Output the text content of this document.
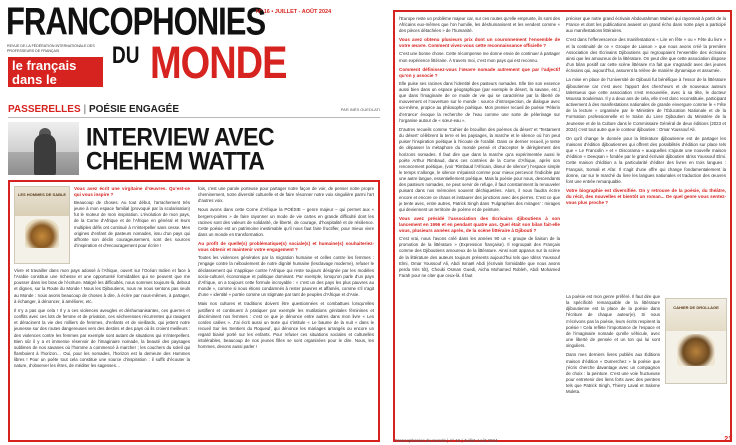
FRANCOPHONIES
N° 16 • JUILLET - AOÛT 2024
REVUE DE LA FÉDÉRATION INTERNATIONALE DES PROFESSEURS DE FRANÇAIS	DU MONDE
le français
dans le monde
PASSERELLES | POÉSIE ENGAGÉE	PAR INÈS GUEDLATI
INTERVIEW AVEC
CHEHEM WATTA
LES HOMMES DE SABLE

Vous avez écrit une virgitaine d’œuvres. Qu’est-ce qui vous inspire ?

Beaucoup de choses. Au tout début, l’arrachement très jeune à mon espace familial (provoqué par la scolarisation) fut le moteur de mon inspiration. L’évolution de mon pays, de la Corne d’Afrique et de l’Afrique en général et leurs multiples défis ont continué à m’interpeller sans cesse. Mes origines d’enfant de pasteurs nomades, issu d’un pays qui affronte son déclin courageusement, sont des sources d’inspiration et d’encouragement pour écrire !

Vivre et travailler dans mon pays adossé à l’Afrique, ouvert sur l’Océan Indien et face à l’Arabie constitue une richesse et une opportunité formidables qui ne peuvent que me pousser dans les bras de l’écriture. Malgré les difficultés, nous sommes toujours-là, debout et dignes, sur la Route du Monde ! Nous les Djiboutiens, nous ne nous sentons pas seuls au Monde : nous avons beaucoup de choses à dire, à écrire par nous-mêmes, à partager, à échanger, à dénoncer, à améliorer, etc.

Il n’y a pas que cela ! Il y a ces violences aveugles et déshumanisantes, ces guerres et conflits avec ces lots de femme et de privation, ces sécheresses récurrentes qui ravagent et déracinent la vie des milliers de femmes, d’enfants et de vieillards, qui jettent notre jeunesse sur des routes dangereuses vers des destins et des pays où ils croient meilleurs : des violences contre les femmes par exemple sont autant de situations qui m’interpellent. Bien sûr il y a et immense réservoir de l’imaginaire nomade, la beauté des paysages sublimes de nos savanes où l’homme a commencé à marcher ; les couchers du soleil qui flamboient à l’horizon… Oui, pour les nomades, l’horizon est la demeure des Hommes libres ! Pour un poète tout cela constitue une source d’inspiration : il suffit d’écouter la nature, d’observer les êtres, de méditer les sagesses…

fois, c’est une parole porteuse pour partager notre façon de voir, de penser notre propre cheminement, notre diversité culturelle et de faire résonner notre voix singulière parmi l’art d’autres voix.

Nous avons dans cette Corne d’Afrique la POÉSIE – genre majeur – qui permet aux « bergers-poètes » de faire rayonner un mode de vie cartes en grande difficulté dont les racines sont des valeurs de solidarité, de liberté, de courage, d’hospitalité et de résilience. Cette poésie est un patrimoine inestimable qu’il nous faut faire fructifier, pour mieux vivre dans un monde en transformation.

Au profit de quelle(s) problématique(s) sociale(s) et humaine(s) souhaiteriez-vous obtenir et maintenir votre engagement ?

Toutes les violences générales par la migration humaine et celles contre les femmes : j’engage contre la néboulement de notre dignité humaine (lesclavage moderne), refuser le déclassement qui s’applique contre l’Afrique qui reste toujours désignée par les modèles socio-culturel, économique et politique dominant. Par exemple, lorsqu’on parle d’un pays d’Afrique, on a toujours cette formule incroyable : « c’est un des pays les plus pauvres au monde », comme si nous étions condamnés à rester pauvres et affamés, comme s’il s’agit d’une « identité » portée comme un stigmate par tant de peuples d’Afrique et d’Asie.

Mais nos cultures et traditions doivent être questionnées et combattues lorsqu’elles justifient et continuent à pratiquer par exemple les mutilations génitales féminines et discriminent nos femmes : c’est ce que je dénonce entre autres dans mon livre « Les cordes calées ». J’ai écrit aussi un texte qui s’intitule « Le baume de la nuit » dans le recueil Sur les Sentiers du Roqueuf, qui dénonce les mariages arrangés ou encore un regard biaisé porté sur les enfants. Pour refuser ces situations sociales et culturelles intolérables, beaucoup de nos jeunes filles se sont organisées pour le dire. Nous, les hommes, devons aussi parler !

l’Europe reste un problème majeur car, sur ces routes qu’elle emprunte, ils sont des Africains eux-mêmes que l’on humilie, les déshumanisent et les vendent comme « des pièces détachées » de l’humanité.

Vous avez obtenu plusieurs prix dont un couronnement l’ensemble de votre œuvre. Comment vivez-vous cette reconnaissance officielle ?

C’est une bonne chose. Cette récompense me donne envie de continuer à partager mon expérience littéraire. À travers moi, c’est mon pays qui est reconnu.

Comment définissez-vous l’œuvre nomade autrement que par l’adjectif qu’on y associe ?

Elle puise ses racines dans l’identité des pasteurs nomades. Elle tire son essence aussi bien dans un espace géographique (par exemple le désert, la savane, etc.) que dans l’imaginaire de ce mode de vie qui se caractérise par la liberté de mouvement et l’ouverture sur le monde : source d’introspection, de dialogue avec soi-même, propice au philosophe poétique. Mon premier recueil de poésie ‘Pèlerin d’errance’ évoque la recherche de l’eau comme une sorte de pèlerinage sur l’organise autour de « sœur-eau ».

D’autres recueils comme ‘Cahier de brouillon des poèmes du désert’ et ‘Testament du désert’ célèbrent la terre et les paysages, la marche et le silence où l’on peut puiser l’inspiration poétique à l’écoute de l’oralité. Dans ce dernier recueil, je tente de dépasser la métaphore du monde pensé et d’accepter le dérèglement des horizons nomades. Il faut dire que dans la marche qu’a expérimentée aussi le poète Arthur Rimbaud, dans ces contrées de la Corne d’Afrique, après son renoncement poétique, (voir ‘Rimbaud l’Africain, diseur de silence’) l’espace simple le temps s’allonge, le silence s’épaissit comme pour mieux percevoir l’indicible par une autre langue, essentiellement poétique. Mais la poésie pour nous, descendants des pasteurs nomades, ne peut servir de refuge, il faut constamment la renouveler puisant dans nos mémoires souvent déchiquetées. Alors, il nous faudra écrire encore et encore ce chaos et instaurer des jonctions avec des pierres. C’est ce que je tente avec, entre autres, Patrick Singh dans ‘Fulgraphies des mirages’ : mirages qui deviennent un territoire de poème et de peinture.

Vous avez présidé l’association des Écrivains djiboutiens à son lancement en 1996 et en pendant quatre ans. Quel était son bilan fait-elle vous, plusieurs années après, de la scène littéraire à Djibouti ?

C’est vrai, nous l’avons créé dans les années 90 un « groupe de liaison de la promotion de la littérature » (Expression française). Il regroupait des Français comme des Djiboutiens amoureux de la littérature. Ainsi sont apparus sur la scène de la littérature des auteurs toujours présents aujourd’hui tels que Idriss Youssouf Elmi, Omar Youssouf Ali, Abdi Ismaël Abdi (écrivain formidable que nous avons perdu très tôt), Chouki Osman Guedi, Aicha Mohamed Robleh, Abdi Mohamed Farah pour ne citer que ceux-là. Il faut

préciser que notre grand écrivain Abdourahman Waberi qui rayonnait à partir de la France et dont les publications avaient un grand écho dans notre pays a participé aux manifestations littéraires.

C’est dans l’effervescence des manifestations « Lire en fête » ou « Fête du livre » et la continuité de ce « Groupe de Liaison » que nous avons créé la première Association des Écrivains Djiboutiens qui regroupaient l’ensemble des écrivains ainsi que les amoureux de la littérature. On peut dire que cette association dispose d’un bilan positif car cette scène littéraire n’a fait que s’agrandir avec des jeunes écrivains qui, aujourd’hui, assurent la relève de manière dynamique et assumée.

La mise en place de l’Université de Djibouti fut bénéfique à l’essor de la littérature djiboutienne car c’est avec l’apport des chercheurs et de nouveaux auteurs talentueux que cette association s’est renouvelée, avec à sa tête, le docteur Moussa Souleiman. Il y a deux ans de cela, elle s’est donc reconstituée, participant activement à des manifestations nationales de grande envergure comme le « Fête de la lecture » organisée par le Ministère de l’Éducation Nationale et de la Formation professionnelle et le Salon du Livre Djiboutien du Ministère de la Jeunesse et de la Culture dans le Commissaire Général de deux éditions (2023 et 2024) c’est tout autre que le conteur djiboutien : Omar Youssouf Ali.

On qu’il change le donnée pour la littérature djiboutienne est de partager les maisons d’édition djiboutiennes qui offrent des possibilités d’édition sur place tels que « Le Francolin » et « Discorama » auxquelles s’ajoute une nouvelle maison d’édition « Deeqsan » fondée par le grand écrivain djiboutien Idriss Youssouf Elmi. Cette maison d’édition a la particularité d’éditer des livres en trois langues : Français, Somali et Afar. Il s’agit d’une offre qui change fondamentalement la donne, car sur le marché du livre les langues nationales et traduction des œuvres font une entrée remarquable.

Votre biographie est diversifiée. On y retrouve de la poésie, du théâtre, du récit, des nouvelles et bientôt un roman... De quel genre vous sentez-vous plus proche ?

La poésie est mon genre préféré. Il faut dire que la spécificité remarquable de la littérature djiboutienne est la place de la poésie dans l’écriture de chaque auteur(e). Si nous n’écrivons pas la poésie, leurs écrits respirent la poésie ! Cela reflète l’importance de l’espace et de l’imaginaire nomade qu’elle véhicule, avec une liberté de pensée et un ton qui lui sont singuliers.

Dans mes derniers livres publiés aux Éditions maison d’édition « Dumerchez » la poésie que j’écris cherche davantage avec un compagnon de choix : la peinture. C’est une voie fructueuse pour entretenir des liens forts avec des peintres tels que Patrick Singh, Thierry Laval et Salome Muleta.

CAHIER DE DROLLAGE
Francophonies du monde | n° 16 | Juillet-Août 2024	21
